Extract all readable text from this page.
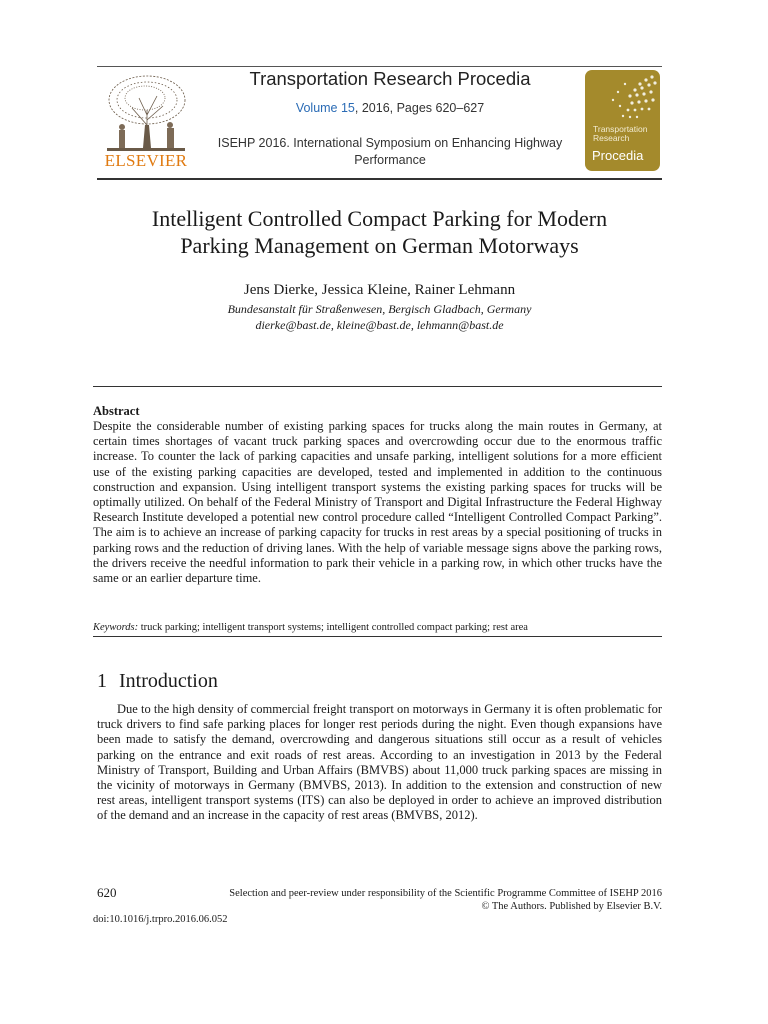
ELSEVIER
Transportation Research Procedia
Volume 15, 2016, Pages 620–627
ISEHP 2016. International Symposium on Enhancing Highway Performance
Transportation
Research
Procedia
Intelligent Controlled Compact Parking for Modern
Parking Management on German Motorways
Jens Dierke, Jessica Kleine, Rainer Lehmann
Bundesanstalt für Straßenwesen, Bergisch Gladbach, Germany
dierke@bast.de, kleine@bast.de, lehmann@bast.de
Abstract
Despite the considerable number of existing parking spaces for trucks along the main routes in Germany, at certain times shortages of vacant truck parking spaces and overcrowding occur due to the enormous traffic increase. To counter the lack of parking capacities and unsafe parking, intelligent solutions for a more efficient use of the existing parking capacities are developed, tested and implemented in addition to the continuous construction and expansion. Using intelligent transport systems the existing parking spaces for trucks will be optimally utilized. On behalf of the Federal Ministry of Transport and Digital Infrastructure the Federal Highway Research Institute developed a potential new control procedure called “Intelligent Controlled Compact Parking”. The aim is to achieve an increase of parking capacity for trucks in rest areas by a special positioning of trucks in parking rows and the reduction of driving lanes. With the help of variable message signs above the parking rows, the drivers receive the needful information to park their vehicle in a parking row, in which other trucks have the same or an earlier departure time.
Keywords: truck parking; intelligent transport systems; intelligent controlled compact parking; rest area
1 Introduction
Due to the high density of commercial freight transport on motorways in Germany it is often problematic for truck drivers to find safe parking places for longer rest periods during the night. Even though expansions have been made to satisfy the demand, overcrowding and dangerous situations still occur as a result of vehicles parking on the entrance and exit roads of rest areas. According to an investigation in 2013 by the Federal Ministry of Transport, Building and Urban Affairs (BMVBS) about 11,000 truck parking spaces are missing in the vicinity of motorways in Germany (BMVBS, 2013). In addition to the extension and construction of new rest areas, intelligent transport systems (ITS) can also be deployed in order to achieve an improved distribution of the demand and an increase in the capacity of rest areas (BMVBS, 2012).
620	Selection and peer-review under responsibility of the Scientific Programme Committee of ISEHP 2016
© The Authors. Published by Elsevier B.V.
doi:10.1016/j.trpro.2016.06.052
